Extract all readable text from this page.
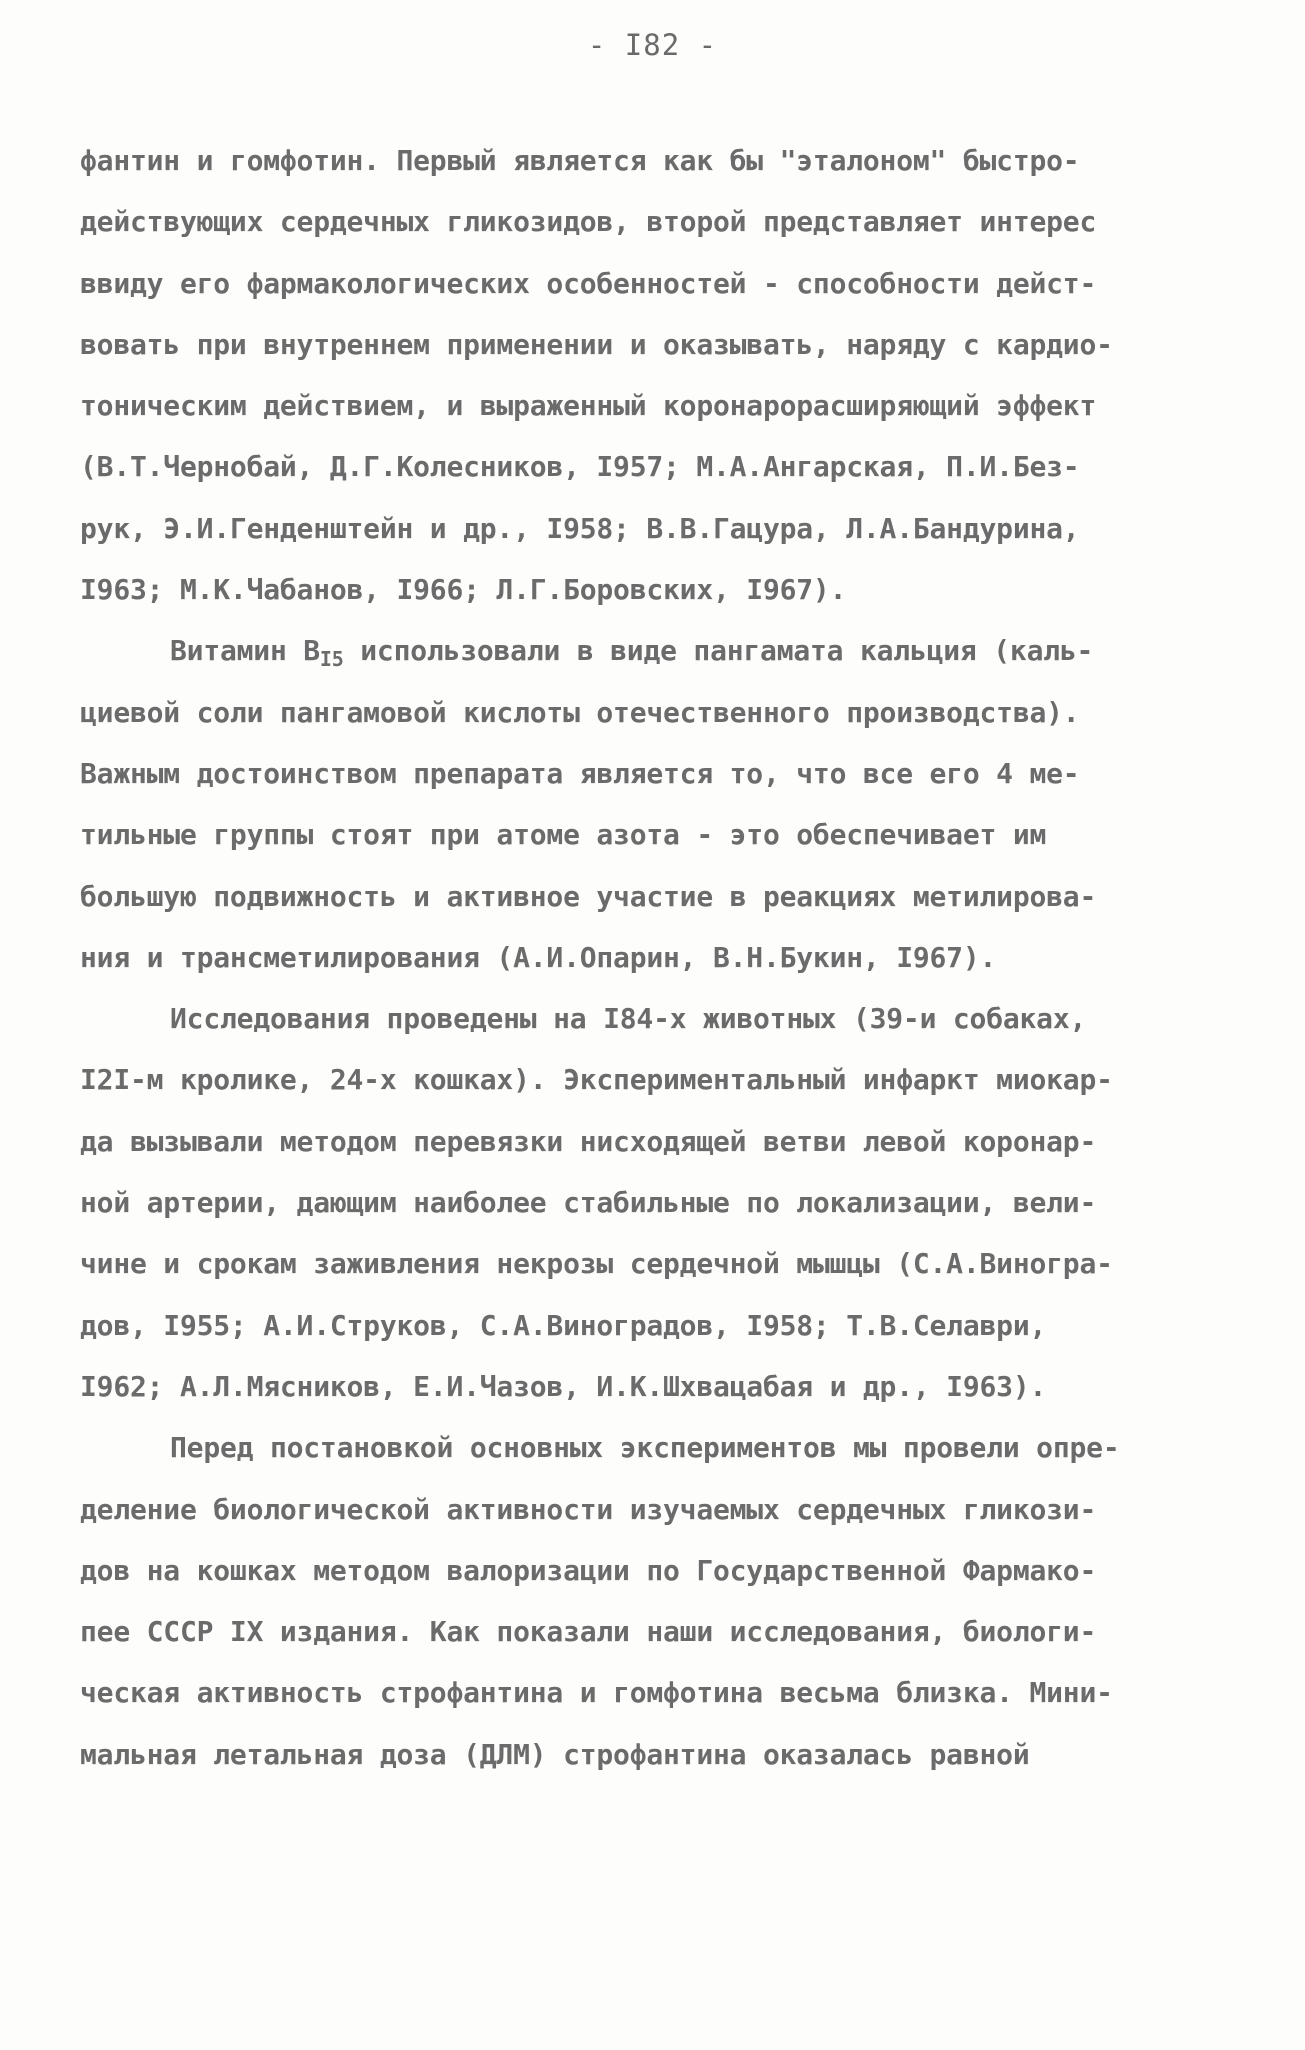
- I82 -
фантин и гомфотин. Первый является как бы "эталоном" быстро-
действующих сердечных гликозидов, второй представляет интерес
ввиду его фармакологических особенностей - способности дейст-
вовать при внутреннем применении и оказывать, наряду с кардио-
тоническим действием, и выраженный коронарорасширяющий эффект
(В.Т.Чернобай, Д.Г.Колесников, I957; М.А.Ангарская, П.И.Без-
рук, Э.И.Генденштейн и др., I958; В.В.Гацура, Л.А.Бандурина,
I963; М.К.Чабанов, I966; Л.Г.Боровских, I967).
Витамин $В_{I5}$ использовали в виде пангамата кальция (каль-
циевой соли пангамовой кислоты отечественного производства).
Важным достоинством препарата является то, что все его 4 ме-
тильные группы стоят при атоме азота - это обеспечивает им
большую подвижность и активное участие в реакциях метилирова-
ния и трансметилирования (А.И.Опарин, В.Н.Букин, I967).
Исследования проведены на I84-х животных (39-и собаках,
I2I-м кролике, 24-х кошках). Экспериментальный инфаркт миокар-
да вызывали методом перевязки нисходящей ветви левой коронар-
ной артерии, дающим наиболее стабильные по локализации, вели-
чине и срокам заживления некрозы сердечной мышцы (С.А.Виногра-
дов, I955; А.И.Струков, С.А.Виноградов, I958; Т.В.Селаври,
I962; А.Л.Мясников, Е.И.Чазов, И.К.Шхвацабая и др., I963).
Перед постановкой основных экспериментов мы провели опре-
деление биологической активности изучаемых сердечных гликози-
дов на кошках методом валоризации по Государственной Фармако-
пее СССР IX издания. Как показали наши исследования, биологи-
ческая активность строфантина и гомфотина весьма близка. Мини-
мальная летальная доза (ДЛМ) строфантина оказалась равной
